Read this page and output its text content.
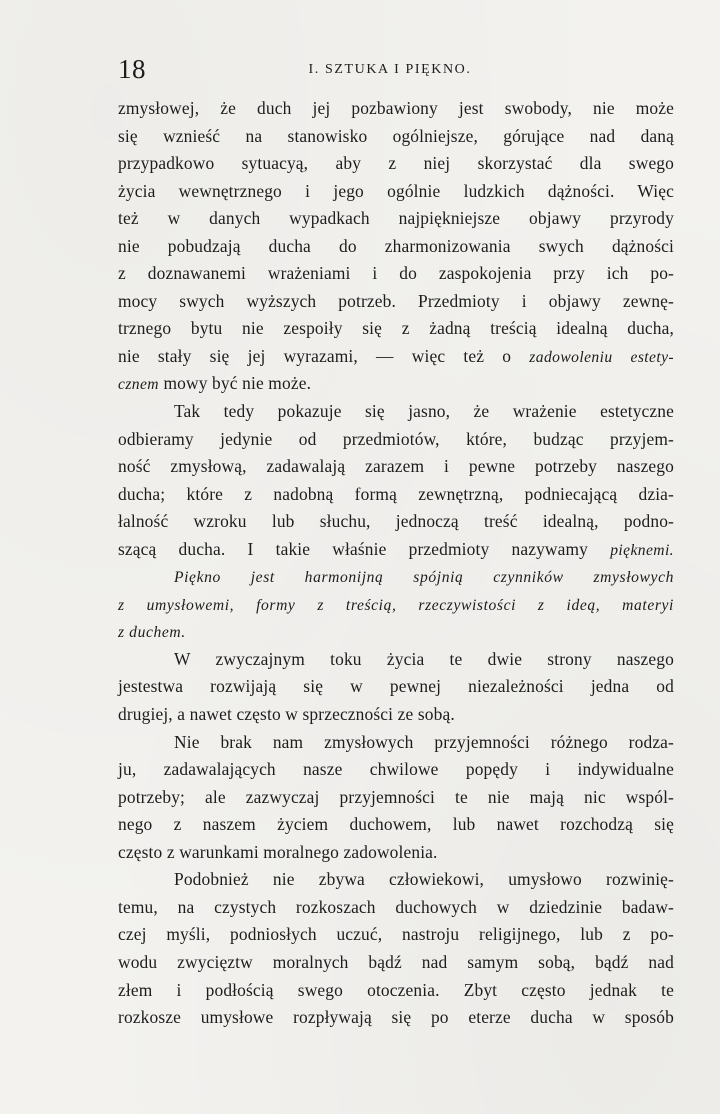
18	I. SZTUKA I PIĘKNO.
zmysłowej, że duch jej pozbawiony jest swobody, nie może
się wznieść na stanowisko ogólniejsze, górujące nad daną
przypadkowo sytuacyą, aby z niej skorzystać dla swego
życia wewnętrznego i jego ogólnie ludzkich dążności. Więc
też w danych wypadkach najpiękniejsze objawy przyrody
nie pobudzają ducha do zharmonizowania swych dążności
z doznawanemi wrażeniami i do zaspokojenia przy ich po-
mocy swych wyższych potrzeb. Przedmioty i objawy zewnę-
trznego bytu nie zespoiły się z żadną treścią idealną ducha,
nie stały się jej wyrazami, — więc też o zadowoleniu estety-
cznem mowy być nie może.
Tak tedy pokazuje się jasno, że wrażenie estetyczne
odbieramy jedynie od przedmiotów, które, budząc przyjem-
ność zmysłową, zadawalają zarazem i pewne potrzeby naszego
ducha; które z nadobną formą zewnętrzną, podniecającą dzia-
łalność wzroku lub słuchu, jednoczą treść idealną, podno-
szącą ducha. I takie właśnie przedmioty nazywamy pięknemi.
Piękno jest harmonijną spójnią czynników zmysłowych
z umysłowemi, formy z treścią, rzeczywistości z ideą, materyi
z duchem.
W zwyczajnym toku życia te dwie strony naszego
jestestwa rozwijają się w pewnej niezależności jedna od
drugiej, a nawet często w sprzeczności ze sobą.
Nie brak nam zmysłowych przyjemności różnego rodza-
ju, zadawalających nasze chwilowe popędy i indywidualne
potrzeby; ale zazwyczaj przyjemności te nie mają nic wspól-
nego z naszem życiem duchowem, lub nawet rozchodzą się
często z warunkami moralnego zadowolenia.
Podobnież nie zbywa człowiekowi, umysłowo rozwinię-
temu, na czystych rozkoszach duchowych w dziedzinie badaw-
czej myśli, podniosłych uczuć, nastroju religijnego, lub z po-
wodu zwycięztw moralnych bądź nad samym sobą, bądź nad
złem i podłością swego otoczenia. Zbyt często jednak te
rozkosze umysłowe rozpływają się po eterze ducha w sposób
